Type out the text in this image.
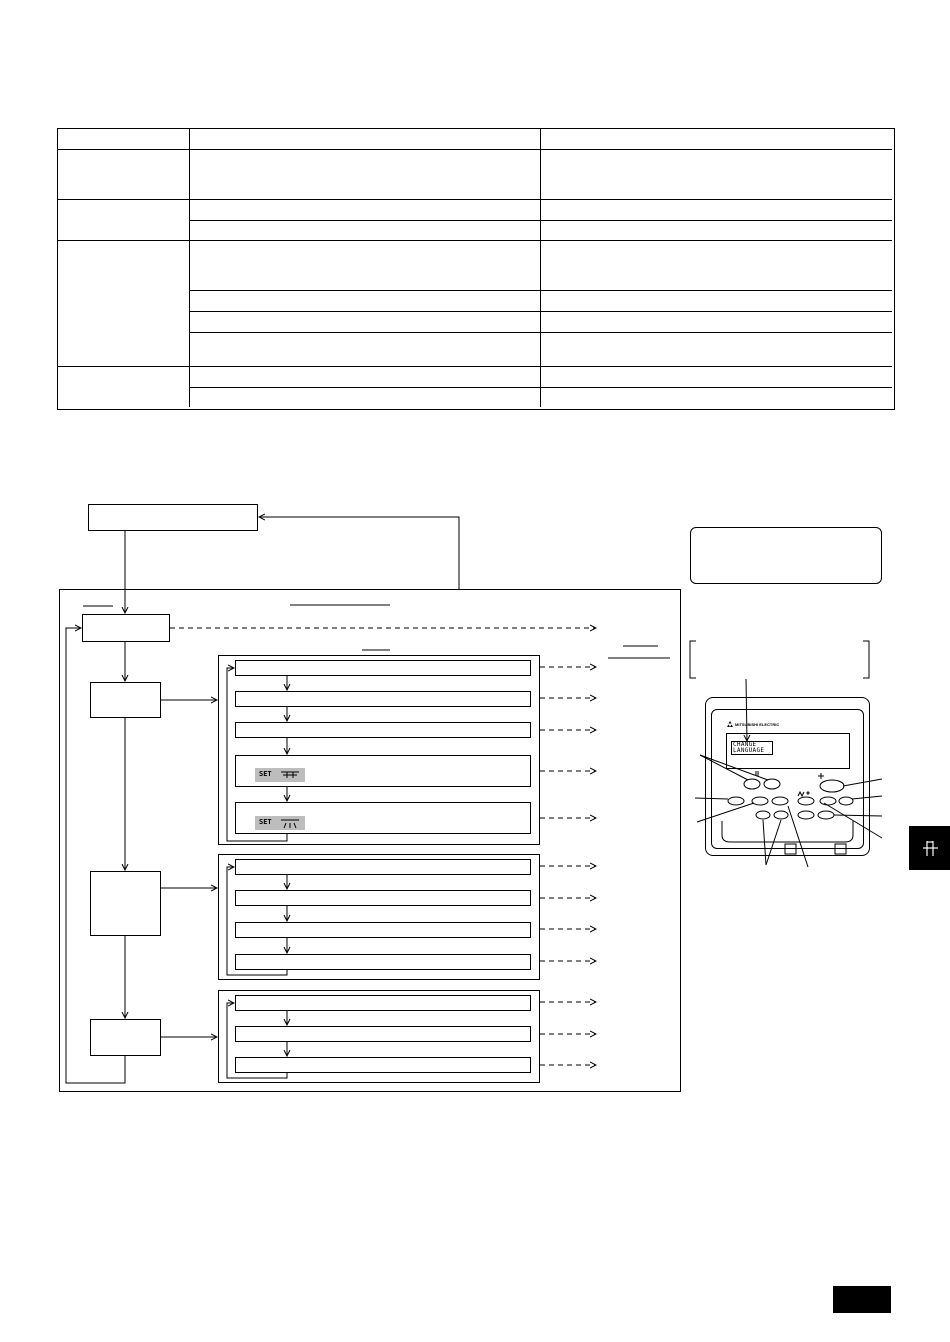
SET
SET
MITSUBISHI ELECTRIC
CHANGE
LANGUAGE
